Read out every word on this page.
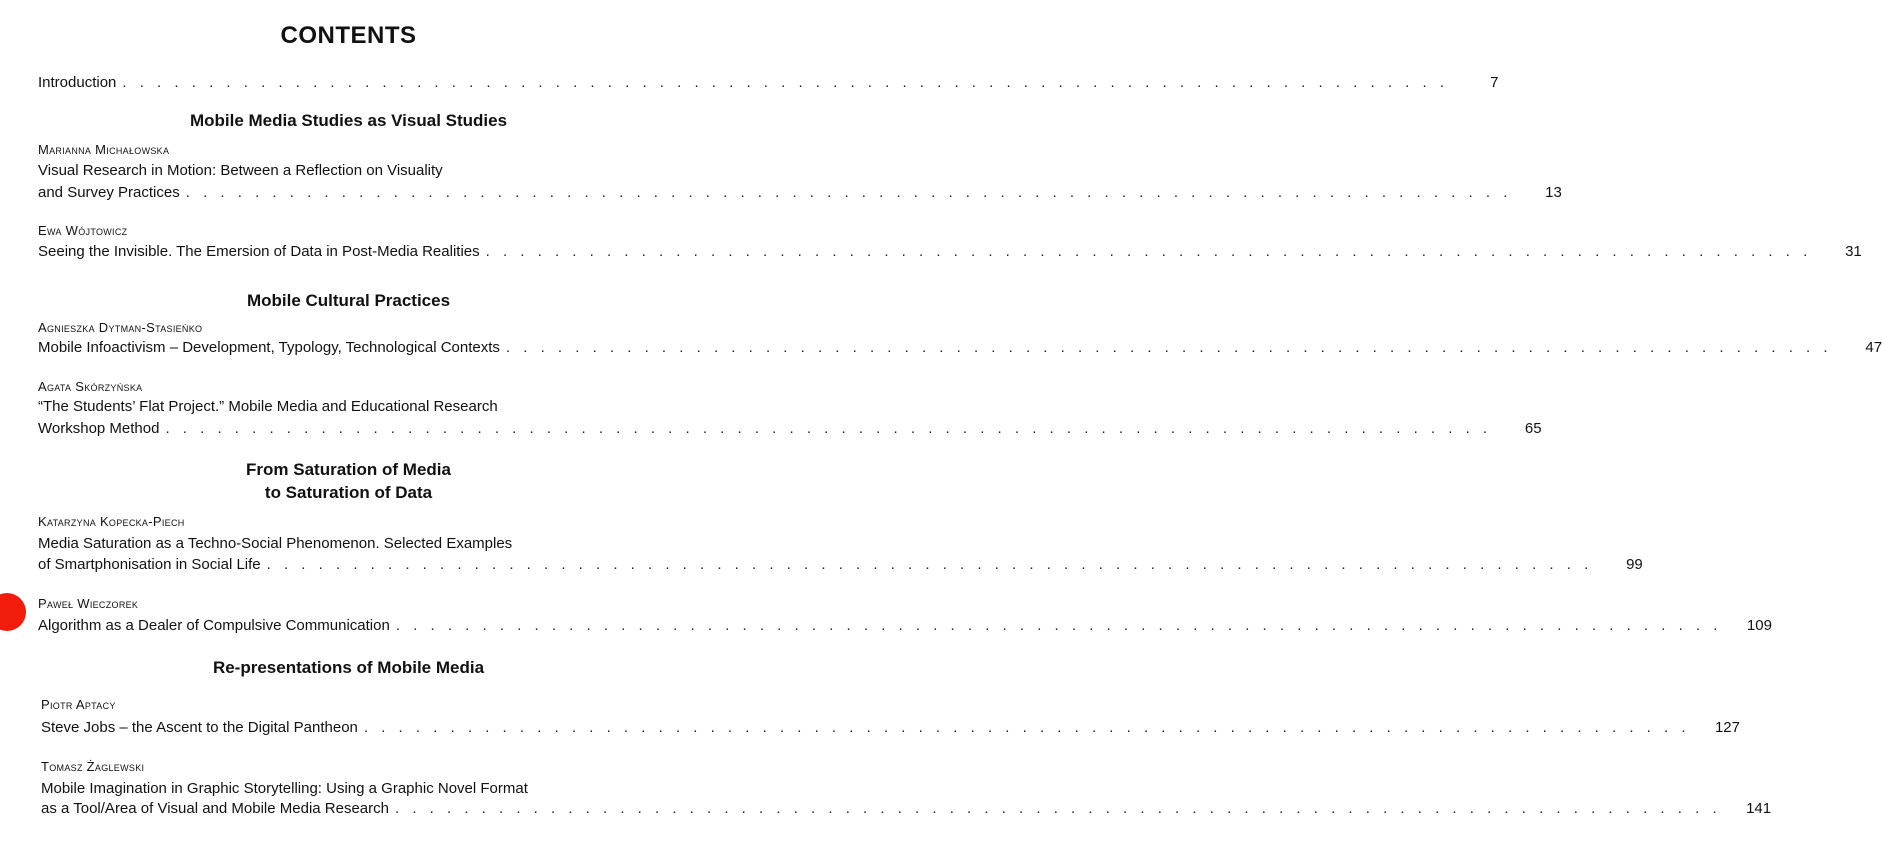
CONTENTS
Introduction . . . . . . . . . . . . . . . . . . . . . . . . . . . . . . . . . . . . . . . . . . . . . . . . . . . . . . . . . . . . . . . . . . . . . . . . . . . . .	7
Mobile Media Studies as Visual Studies
Marianna Michałowska
Visual Research in Motion: Between a Reflection on Visuality
and Survey Practices . . . . . . . . . . . . . . . . . . . . . . . . . . . . . . . . . . . . . . . . . . . . . . . . . . . . . . . . . . . . . . . . . . . . . . . . . . . . .	13
Ewa Wójtowicz
Seeing the Invisible. The Emersion of Data in Post-Media Realities . . . . . . . . . . . . . . . . . . . . . . . . . . . . . . . . . . . . . . . . . . . . . . . . . . . . . . . . . . . . . . . . . . . . . . . . . . . . .	31
Mobile Cultural Practices
Agnieszka Dytman-Stasieńko
Mobile Infoactivism – Development, Typology, Technological Contexts . . . . . . . . . . . . . . . . . . . . . . . . . . . . . . . . . . . . . . . . . . . . . . . . . . . . . . . . . . . . . . . . . . . . . . . . . . . . .	47
Agata Skórzyńska
“The Students’ Flat Project.” Mobile Media and Educational Research
Workshop Method . . . . . . . . . . . . . . . . . . . . . . . . . . . . . . . . . . . . . . . . . . . . . . . . . . . . . . . . . . . . . . . . . . . . . . . . . . . . .	65
From Saturation of Media
to Saturation of Data
Katarzyna Kopecka-Piech
Media Saturation as a Techno-Social Phenomenon. Selected Examples
of Smartphonisation in Social Life . . . . . . . . . . . . . . . . . . . . . . . . . . . . . . . . . . . . . . . . . . . . . . . . . . . . . . . . . . . . . . . . . . . . . . . . . . . . .	99
Paweł Wieczorek
Algorithm as a Dealer of Compulsive Communication . . . . . . . . . . . . . . . . . . . . . . . . . . . . . . . . . . . . . . . . . . . . . . . . . . . . . . . . . . . . . . . . . . . . . . . . . . . . .	109
Re-presentations of Mobile Media
Piotr Aptacy
Steve Jobs – the Ascent to the Digital Pantheon . . . . . . . . . . . . . . . . . . . . . . . . . . . . . . . . . . . . . . . . . . . . . . . . . . . . . . . . . . . . . . . . . . . . . . . . . . . . .	127
Tomasz Żaglewski
Mobile Imagination in Graphic Storytelling: Using a Graphic Novel Format
as a Tool/Area of Visual and Mobile Media Research . . . . . . . . . . . . . . . . . . . . . . . . . . . . . . . . . . . . . . . . . . . . . . . . . . . . . . . . . . . . . . . . . . . . . . . . . . . . .	141
